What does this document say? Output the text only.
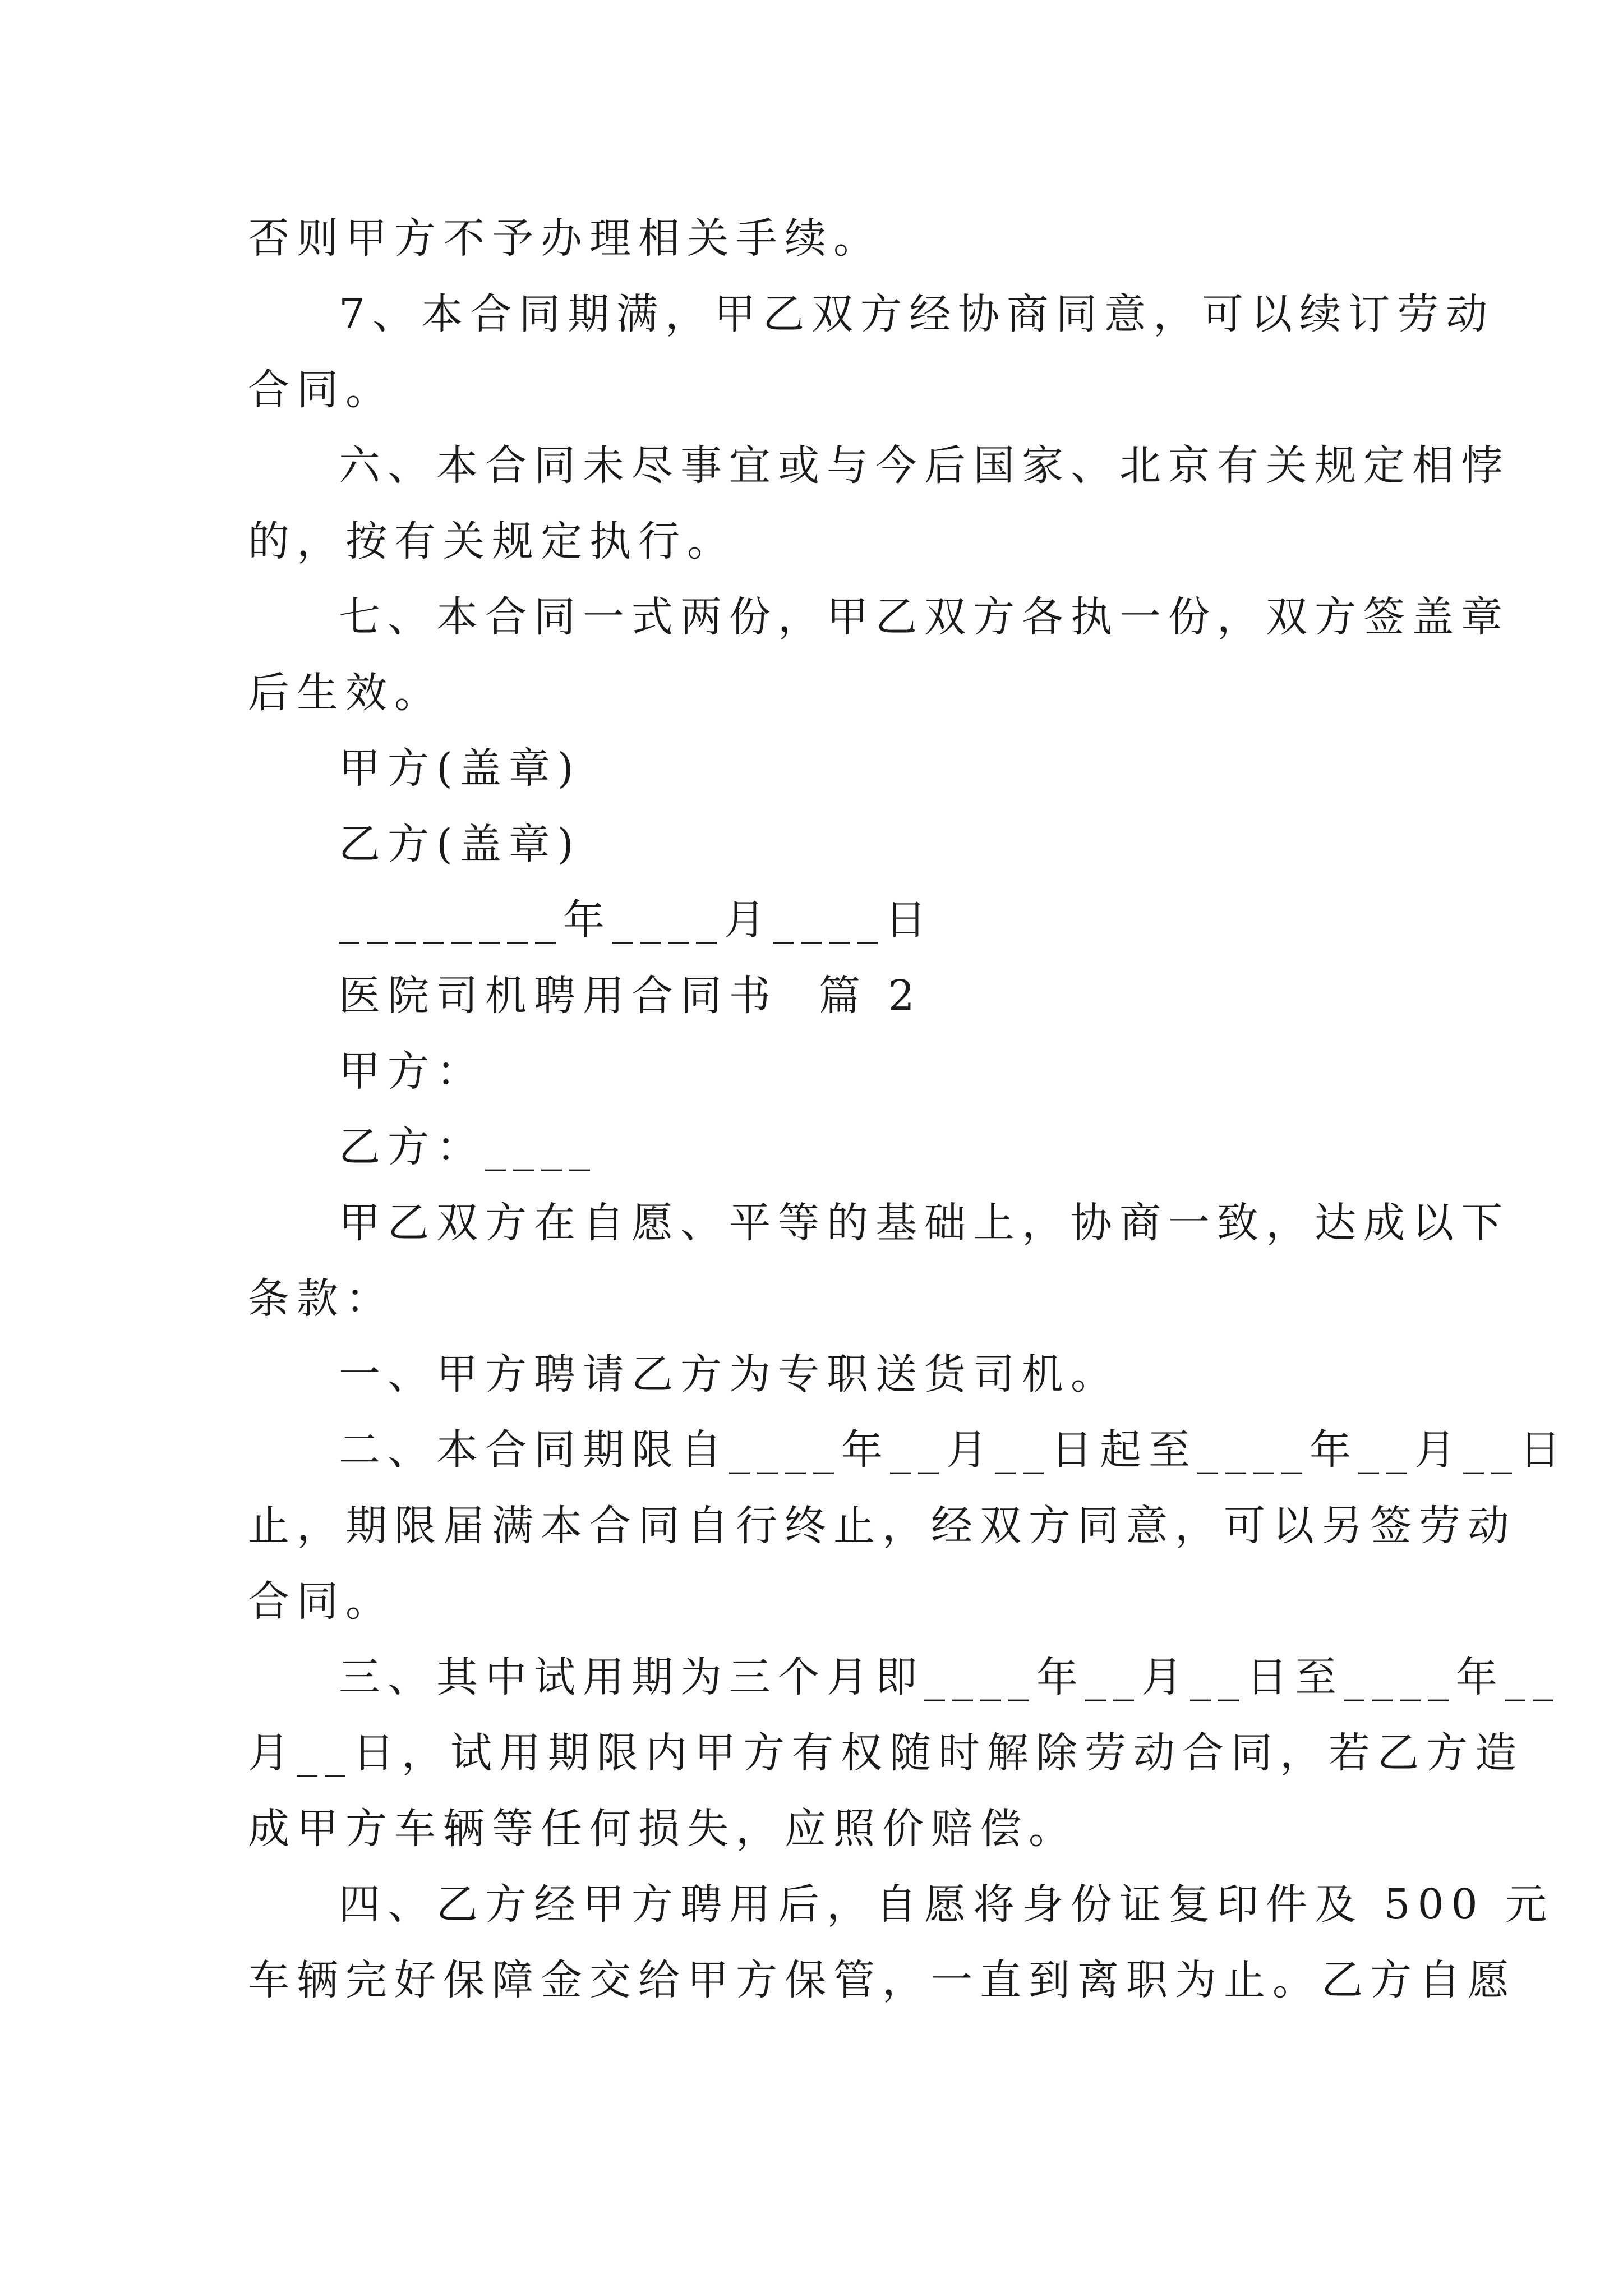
否则甲方不予办理相关手续。
7、本合同期满，甲乙双方经协商同意，可以续订劳动
合同。
六、本合同未尽事宜或与今后国家、北京有关规定相悖
的，按有关规定执行。
七、本合同一式两份，甲乙双方各执一份，双方签盖章
后生效。
甲方(盖章)
乙方(盖章)
________年____月____日
医院司机聘用合同书  篇 2
甲方：
乙方：____
甲乙双方在自愿、平等的基础上，协商一致，达成以下
条款：
一、甲方聘请乙方为专职送货司机。
二、本合同期限自____年__月__日起至____年__月__日
止，期限届满本合同自行终止，经双方同意，可以另签劳动
合同。
三、其中试用期为三个月即____年__月__日至____年__
月__日，试用期限内甲方有权随时解除劳动合同，若乙方造
成甲方车辆等任何损失，应照价赔偿。
四、乙方经甲方聘用后，自愿将身份证复印件及 500 元
车辆完好保障金交给甲方保管，一直到离职为止。乙方自愿
